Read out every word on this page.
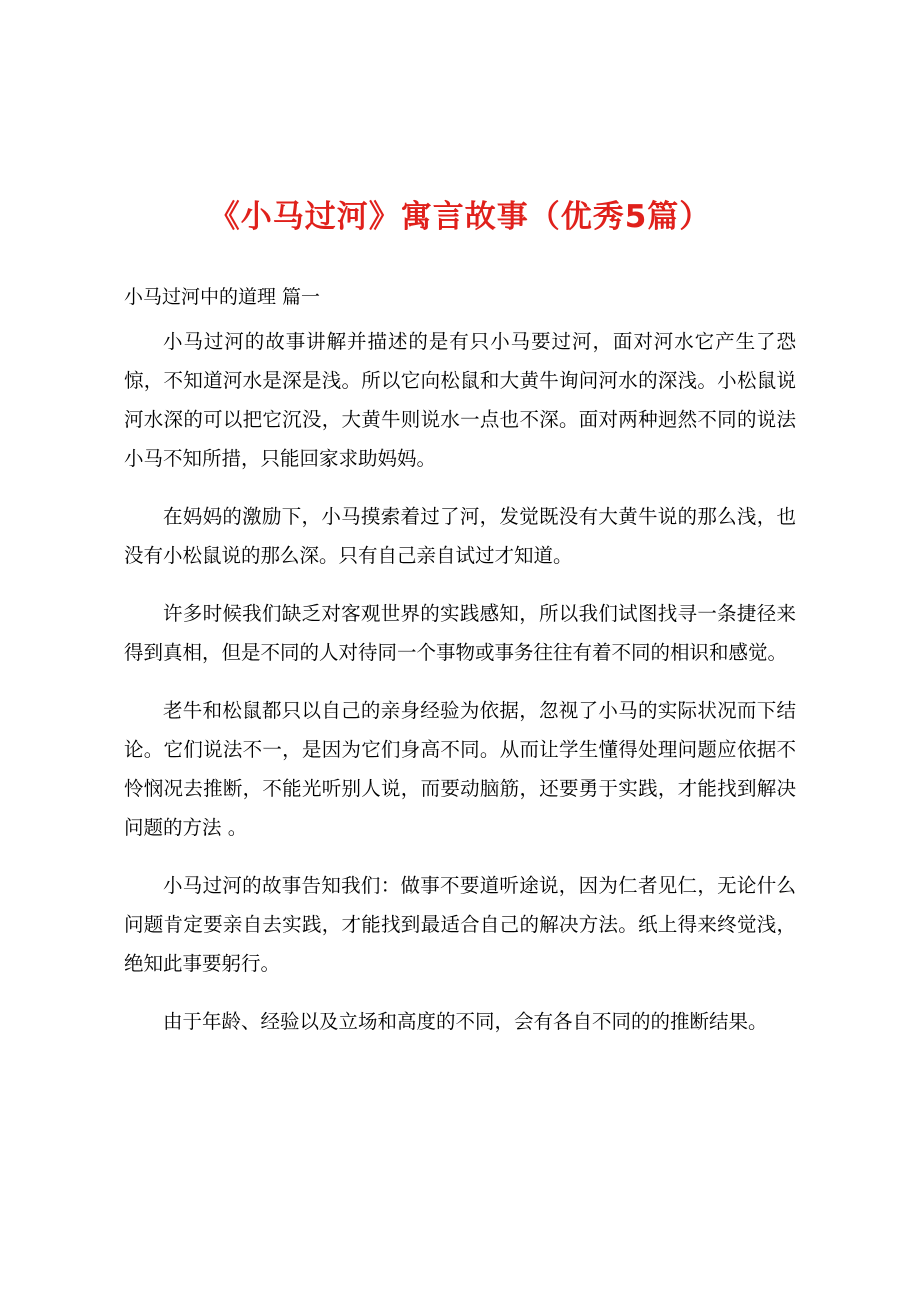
《小马过河》寓言故事（优秀5篇）
小马过河中的道理 篇一

小马过河的故事讲解并描述的是有只小马要过河，面对河水它产生了恐惊，不知道河水是深是浅。所以它向松鼠和大黄牛询问河水的深浅。小松鼠说河水深的可以把它沉没，大黄牛则说水一点也不深。面对两种迥然不同的说法小马不知所措，只能回家求助妈妈。

在妈妈的激励下，小马摸索着过了河，发觉既没有大黄牛说的那么浅，也没有小松鼠说的那么深。只有自己亲自试过才知道。

许多时候我们缺乏对客观世界的实践感知，所以我们试图找寻一条捷径来得到真相，但是不同的人对待同一个事物或事务往往有着不同的相识和感觉。

老牛和松鼠都只以自己的亲身经验为依据，忽视了小马的实际状况而下结论。它们说法不一，是因为它们身高不同。从而让学生懂得处理问题应依据不怜悯况去推断，不能光听别人说，而要动脑筋，还要勇于实践，才能找到解决问题的方法 。

小马过河的故事告知我们：做事不要道听途说，因为仁者见仁，无论什么问题肯定要亲自去实践，才能找到最适合自己的解决方法。纸上得来终觉浅，绝知此事要躬行。

由于年龄、经验以及立场和高度的不同，会有各自不同的的推断结果。
